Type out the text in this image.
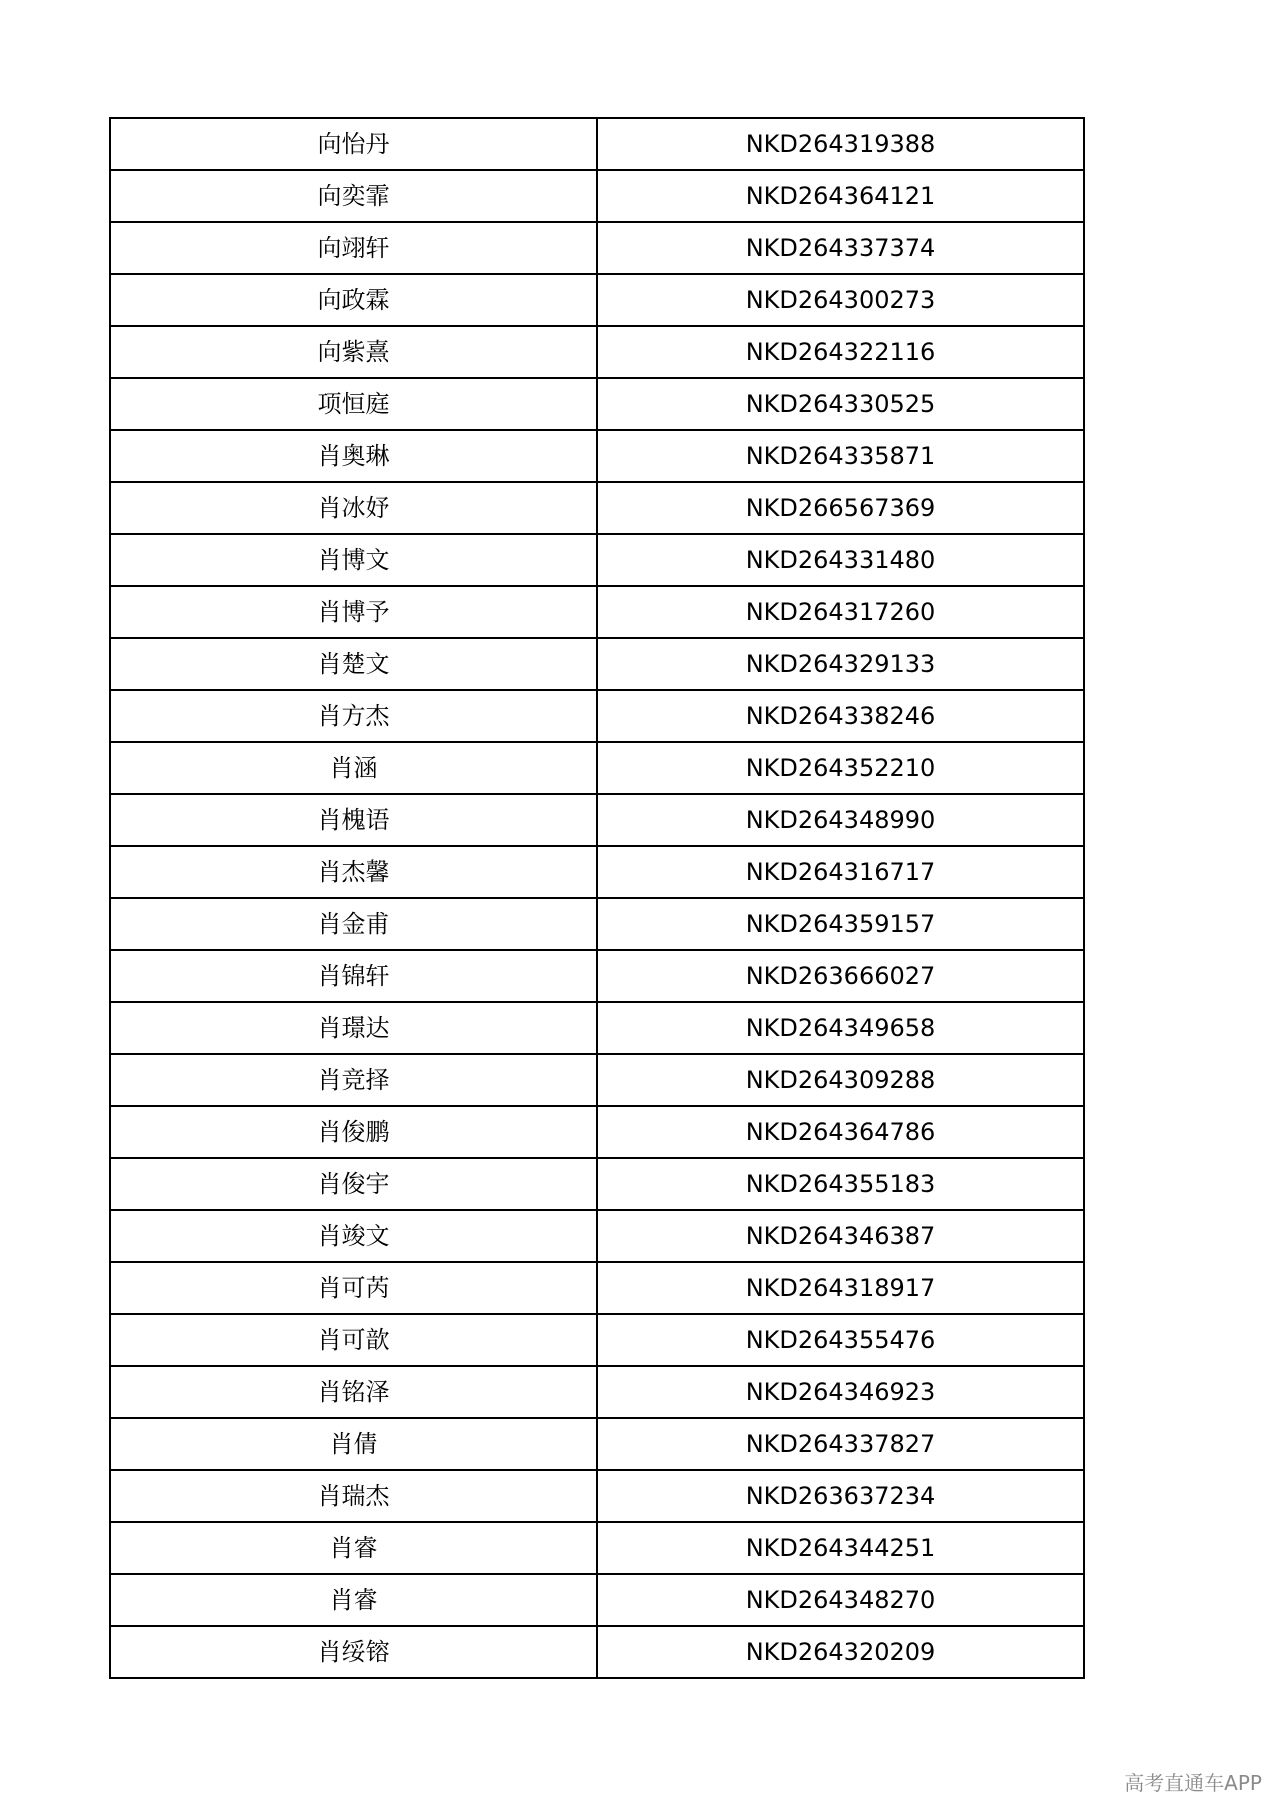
向怡丹	NKD264319388
向奕霏	NKD264364121
向翊轩	NKD264337374
向政霖	NKD264300273
向紫熹	NKD264322116
项恒庭	NKD264330525
肖奥琳	NKD264335871
肖冰妤	NKD266567369
肖博文	NKD264331480
肖博予	NKD264317260
肖楚文	NKD264329133
肖方杰	NKD264338246
肖涵	NKD264352210
肖槐语	NKD264348990
肖杰馨	NKD264316717
肖金甫	NKD264359157
肖锦轩	NKD263666027
肖璟达	NKD264349658
肖竞择	NKD264309288
肖俊鹏	NKD264364786
肖俊宇	NKD264355183
肖竣文	NKD264346387
肖可芮	NKD264318917
肖可歆	NKD264355476
肖铭泽	NKD264346923
肖倩	NKD264337827
肖瑞杰	NKD263637234
肖睿	NKD264344251
肖睿	NKD264348270
肖绥镕	NKD264320209
高考直通车APP
